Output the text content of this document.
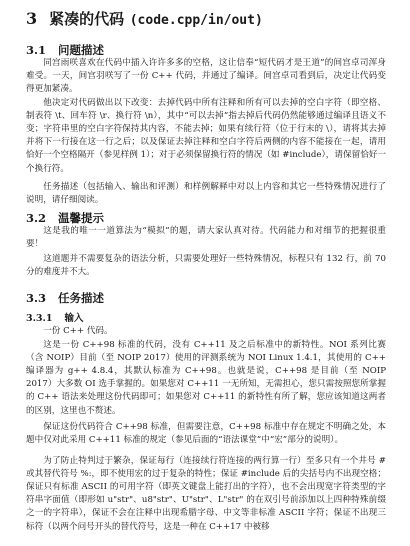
3 紧凑的代码 (code.cpp/in/out)
3.1 问题描述

同宫雨咲喜欢在代码中插入许许多多的空格，这让信奉“短代码才是王道”的间宫卓司浑身难受。一天，间宫羽咲写了一份 C++ 代码，并通过了编译。间宫卓司看到后，决定让代码变得更加紧凑。

他决定对代码做出以下改变：去掉代码中所有注释和所有可以去掉的空白字符（即空格、制表符 \t、回车符 \r、换行符 \n），其中“可以去掉”指去掉后代码仍然能够通过编译且语义不变；字符串里的空白字符保持其内容，不能去掉；如果有续行符（位于行末的 \），请将其去掉并将下一行接在这一行之后；以及保证去掉注释和空白字符后两侧的内容不能接在一起，请用恰好一个空格隔开（参见样例 1）；对于必须保留换行符的情况（如 #include），请保留恰好一个换行符。

任务描述（包括输入、输出和评测）和样例解释中对以上内容和其它一些特殊情况进行了说明，请仔细阅读。

3.2 温馨提示

这是我的唯一一道算法为“模拟”的题，请大家认真对待。代码能力和对细节的把握很重要！

这道题并不需要复杂的语法分析，只需要处理好一些特殊情况，标程只有 132 行，前 70 分的难度并不大。

3.3 任务描述
3.3.1 输入

一份 C++ 代码。

这是一份 C++98 标准的代码，没有 C++11 及之后标准中的新特性。NOI 系列比赛（含 NOIP）目前（至 NOIP 2017）使用的评测系统为 NOI Linux 1.4.1，其使用的 C++ 编译器为 g++ 4.8.4，其默认标准为 C++98。也就是说，C++98 是目前（至 NOIP 2017）大多数 OI 选手掌握的。如果您对 C++11 一无所知，无需担心，您只需按照您所掌握的 C++ 语法来处理这份代码即可；如果您对 C++11 的新特性有所了解，您应该知道这两者的区别，这里也不赘述。

保证这份代码符合 C++98 标准，但需要注意，C++98 标准中存在规定不明确之处，本题中仅对此采用 C++11 标准的规定（参见后面的“语法课堂”中“宏”部分的说明）。

为了防止特判过于繁杂，保证每行（连接续行符连接的两行算一行）至多只有一个井号 # 或其替代符号 %:，即不使用宏的过于复杂的特性；保证 #include 后的尖括号内不出现空格；保证只有标准 ASCII 的可用字符（即英文键盘上能打出的字符），也不会出现宽字符类型的字符串字面值（即形如 u"str"、u8"str"、U"str"、L"str" 的在双引号前添加以上四种特殊前缀之一的字符串），保证不会在注释中出现希腊字母、中文等非标准 ASCII 字符；保证不出现三标符（以两个问号开头的替代符号，这是一种在 C++17 中被移
